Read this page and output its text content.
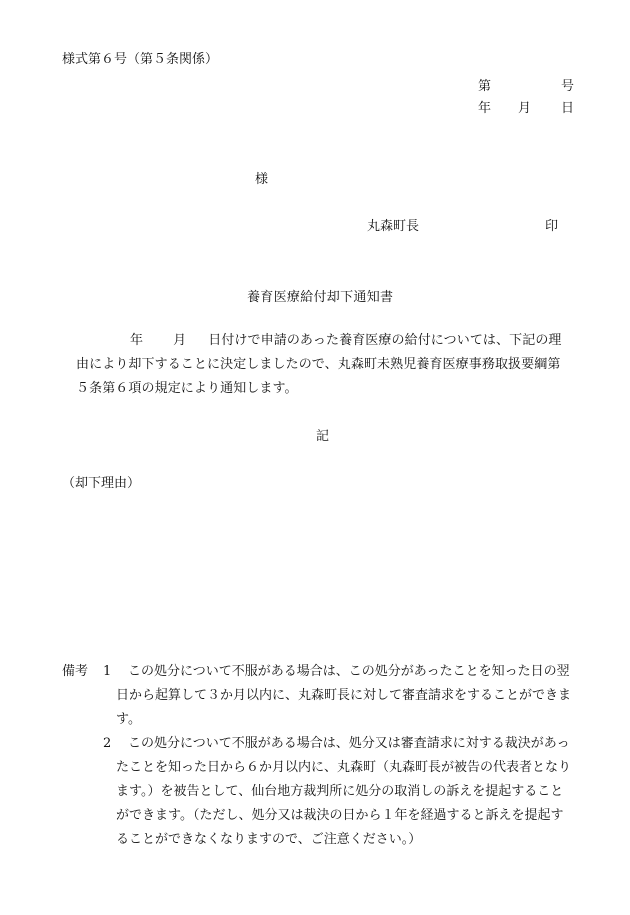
様式第６号（第５条関係）
第	号
年 月 日
様
丸森町長	印
養育医療給付却下通知書
年 月 日付けで申請のあった養育医療の給付については、下記の理
由により却下することに決定しましたので、丸森町未熟児養育医療事務取扱要綱第
５条第６項の規定により通知します。
記
（却下理由）
備考 1	この処分について不服がある場合は、この処分があったことを知った日の翌
日から起算して３か月以内に、丸森町長に対して審査請求をすることができま
す。
2	この処分について不服がある場合は、処分又は審査請求に対する裁決があっ
たことを知った日から６か月以内に、丸森町（丸森町長が被告の代表者となり
ます。）を被告として、仙台地方裁判所に処分の取消しの訴えを提起すること
ができます。（ただし、処分又は裁決の日から１年を経過すると訴えを提起す
ることができなくなりますので、ご注意ください。）
